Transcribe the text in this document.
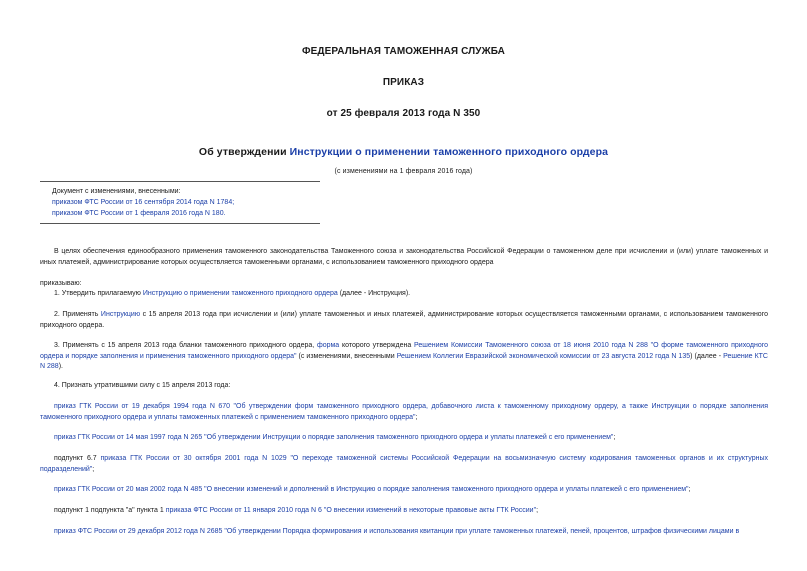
ФЕДЕРАЛЬНАЯ ТАМОЖЕННАЯ СЛУЖБА
ПРИКАЗ
от 25 февраля 2013 года N 350
Об утверждении Инструкции о применении таможенного приходного ордера
(с изменениями на 1 февраля 2016 года)
Документ с изменениями, внесенными:
приказом ФТС России от 16 сентября 2014 года N 1784;
приказом ФТС России от 1 февраля 2016 года N 180.

В целях обеспечения единообразного применения таможенного законодательства Таможенного союза и законодательства Российской Федерации о таможенном деле при исчислении и (или) уплате таможенных и иных платежей, администрирование которых осуществляется таможенными органами, с использованием таможенного приходного ордера

приказываю:

1. Утвердить прилагаемую Инструкцию о применении таможенного приходного ордера (далее - Инструкция).

2. Применять Инструкцию с 15 апреля 2013 года при исчислении и (или) уплате таможенных и иных платежей, администрирование которых осуществляется таможенными органами, с использованием таможенного приходного ордера.

3. Применять с 15 апреля 2013 года бланки таможенного приходного ордера, форма которого утверждена Решением Комиссии Таможенного союза от 18 июня 2010 года N 288 "О форме таможенного приходного ордера и порядке заполнения и применения таможенного приходного ордера" (с изменениями, внесенными Решением Коллегии Евразийской экономической комиссии от 23 августа 2012 года N 135) (далее - Решение КТС N 288).

4. Признать утратившими силу с 15 апреля 2013 года:

приказ ГТК России от 19 декабря 1994 года N 670 "Об утверждении форм таможенного приходного ордера, добавочного листа к таможенному приходному ордеру, а также Инструкции о порядке заполнения таможенного приходного ордера и уплаты таможенных платежей с применением таможенного приходного ордера";

приказ ГТК России от 14 мая 1997 года N 265 "Об утверждении Инструкции о порядке заполнения таможенного приходного ордера и уплаты платежей с его применением";

подпункт 6.7 приказа ГТК России от 30 октября 2001 года N 1029 "О переходе таможенной системы Российской Федерации на восьмизначную систему кодирования таможенных органов и их структурных подразделений";

приказ ГТК России от 20 мая 2002 года N 485 "О внесении изменений и дополнений в Инструкцию о порядке заполнения таможенного приходного ордера и уплаты платежей с его применением";

подпункт 1 подпункта "а" пункта 1 приказа ФТС России от 11 января 2010 года N 6 "О внесении изменений в некоторые правовые акты ГТК России";

приказ ФТС России от 29 декабря 2012 года N 2685 "Об утверждении Порядка формирования и использования квитанции при уплате таможенных платежей, пеней, процентов, штрафов физическими лицами в
